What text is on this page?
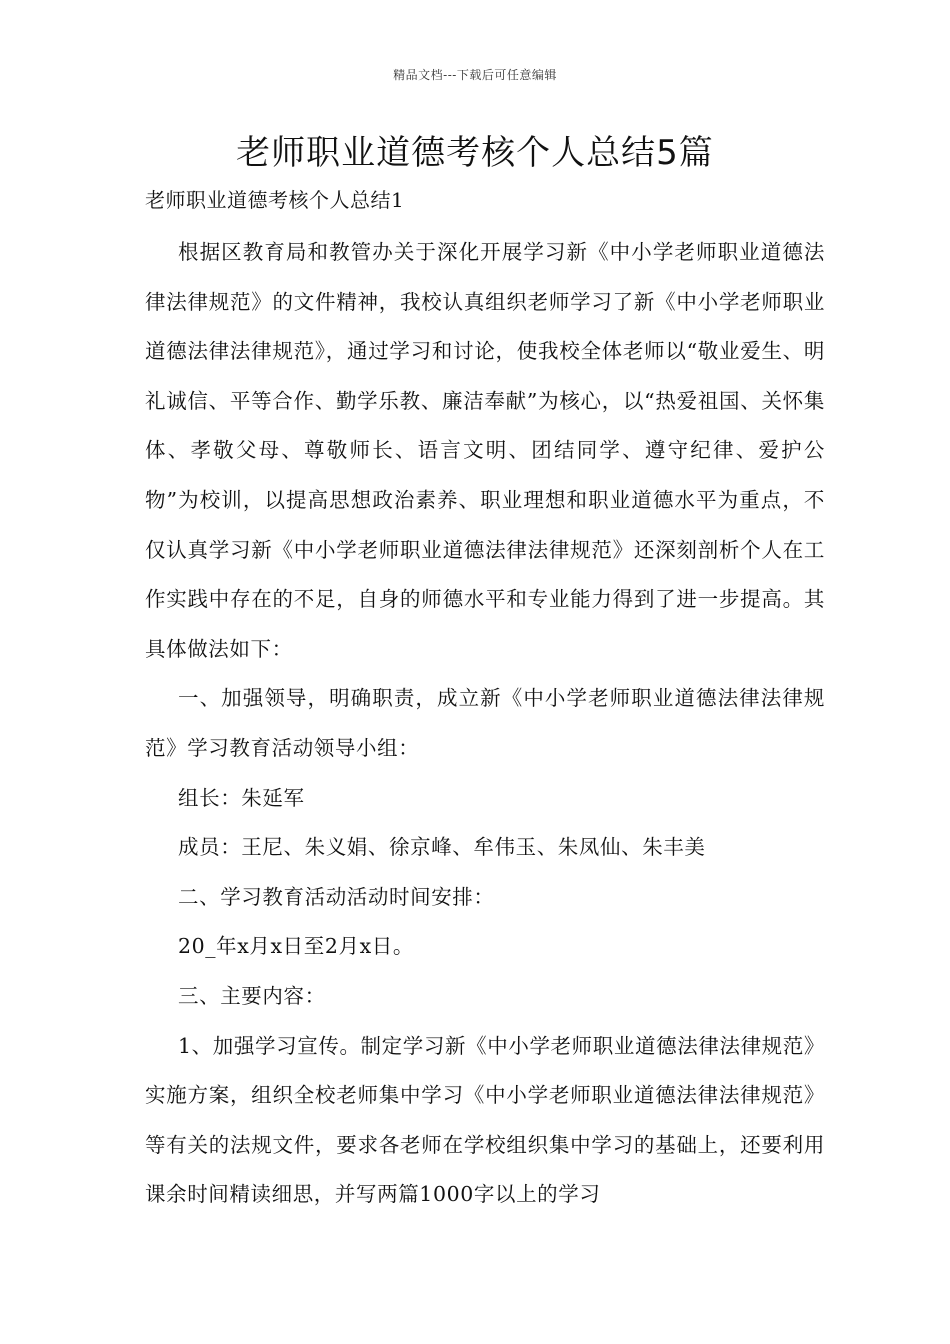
精品文档---下载后可任意编辑
老师职业道德考核个人总结5篇
老师职业道德考核个人总结1

根据区教育局和教管办关于深化开展学习新《中小学老师职业道德法律法律规范》的文件精神，我校认真组织老师学习了新《中小学老师职业道德法律法律规范》，通过学习和讨论，使我校全体老师以“敬业爱生、明礼诚信、平等合作、勤学乐教、廉洁奉献”为核心，以“热爱祖国、关怀集体、孝敬父母、尊敬师长、语言文明、团结同学、遵守纪律、爱护公物”为校训，以提高思想政治素养、职业理想和职业道德水平为重点，不仅认真学习新《中小学老师职业道德法律法律规范》还深刻剖析个人在工作实践中存在的不足，自身的师德水平和专业能力得到了进一步提高。其具体做法如下：

一、加强领导，明确职责，成立新《中小学老师职业道德法律法律规范》学习教育活动领导小组：

组长：朱延军

成员：王尼、朱义娟、徐京峰、牟伟玉、朱凤仙、朱丰美

二、学习教育活动活动时间安排：

20_年x月x日至2月x日。

三、主要内容：

1、加强学习宣传。制定学习新《中小学老师职业道德法律法律规范》实施方案，组织全校老师集中学习《中小学老师职业道德法律法律规范》等有关的法规文件，要求各老师在学校组织集中学习的基础上，还要利用课余时间精读细思，并写两篇1000字以上的学习
